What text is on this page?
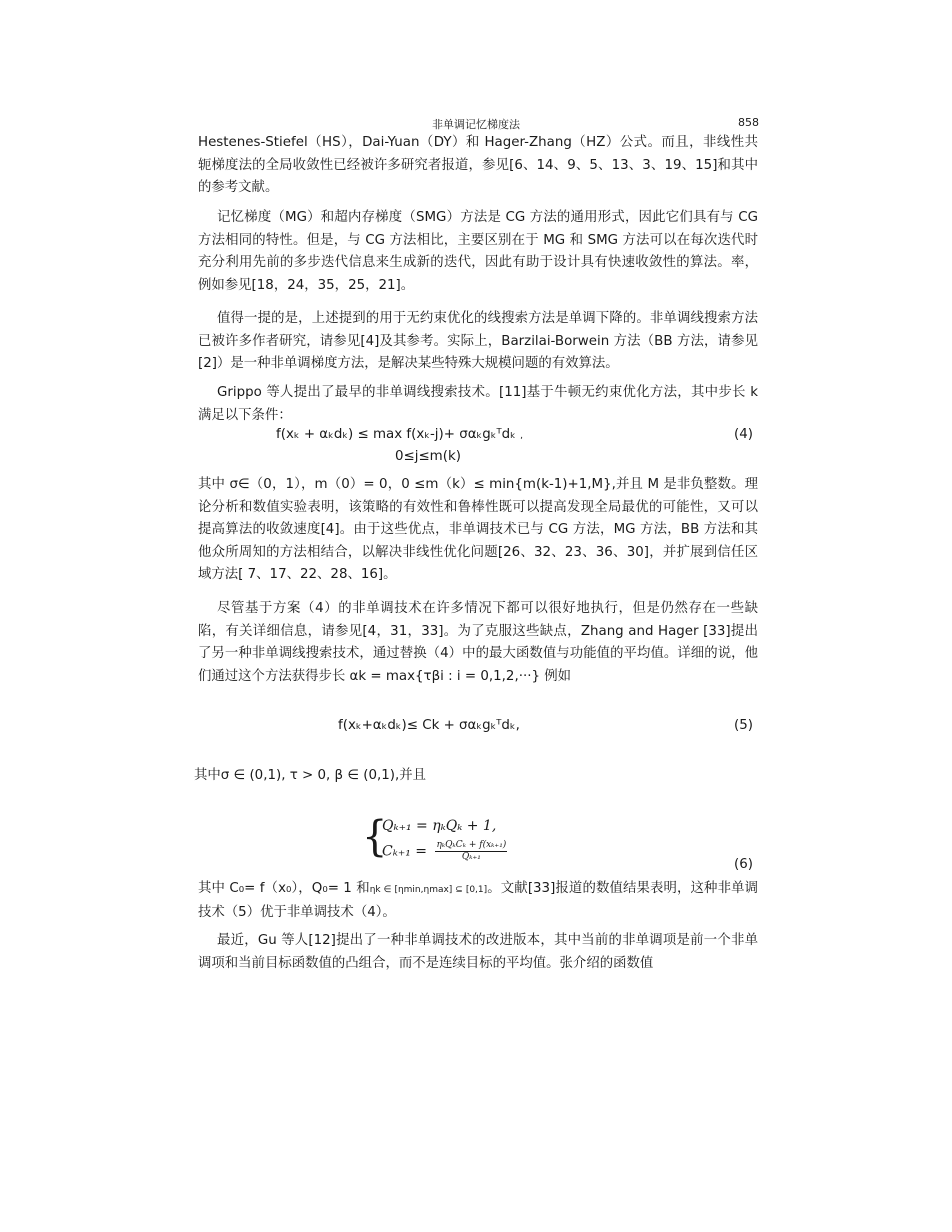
非单调记忆梯度法	858

Hestenes-Stiefel（HS），Dai-Yuan（DY）和 Hager-Zhang（HZ）公式。而且，非线性共轭梯度法的全局收敛性已经被许多研究者报道，参见[6、14、9、5、13、3、19、15]和其中的参考文献。

记忆梯度（MG）和超内存梯度（SMG）方法是 CG 方法的通用形式，因此它们具有与 CG 方法相同的特性。但是，与 CG 方法相比，主要区别在于 MG 和 SMG 方法可以在每次迭代时充分利用先前的多步迭代信息来生成新的迭代，因此有助于设计具有快速收敛性的算法。率，例如参见[18，24，35，25，21]。

值得一提的是，上述提到的用于无约束优化的线搜索方法是单调下降的。非单调线搜索方法已被许多作者研究，请参见[4]及其参考。实际上，Barzilai-Borwein 方法（BB 方法，请参见[2]）是一种非单调梯度方法，是解决某些特殊大规模问题的有效算法。

Grippo 等人提出了最早的非单调线搜索技术。[11]基于牛顿无约束优化方法，其中步长 k 满足以下条件：

f(xₖ + αₖdₖ) ≤ max f(xₖ-j)+ σαₖgₖᵀdₖ ,
0≤j≤m(k)
(4)

其中 σ∈（0，1），m（0）= 0，0 ≤m（k）≤ min{m(k-1)+1,M},并且 M 是非负整数。理论分析和数值实验表明，该策略的有效性和鲁棒性既可以提高发现全局最优的可能性，又可以提高算法的收敛速度[4]。由于这些优点，非单调技术已与 CG 方法，MG 方法，BB 方法和其他众所周知的方法相结合，以解决非线性优化问题[26、32、23、36、30]，并扩展到信任区域方法[ 7、17、22、28、16]。

尽管基于方案（4）的非单调技术在许多情况下都可以很好地执行，但是仍然存在一些缺陷，有关详细信息，请参见[4，31，33]。为了克服这些缺点，Zhang and Hager [33]提出了另一种非单调线搜索技术，通过替换（4）中的最大函数值与功能值的平均值。详细的说，他们通过这个方法获得步长 αk = max{τβi : i = 0,1,2,···} 例如

f(xₖ+αₖdₖ)≤ Ck + σαₖgₖᵀdₖ,	(5)

其中σ ∈ (0,1), τ > 0, β ∈ (0,1),并且

{
Qₖ₊₁ = ηₖQₖ + 1,
Cₖ₊₁ = ηₖQₖCₖ + f(xₖ₊₁)
Qₖ₊₁	(6)

其中 C₀= f（x₀），Q₀= 1 和ηk ∈ [ηmin,ηmax] ⊆ [0,1]。文献[33]报道的数值结果表明，这种非单调技术（5）优于非单调技术（4）。

最近，Gu 等人[12]提出了一种非单调技术的改进版本，其中当前的非单调项是前一个非单调项和当前目标函数值的凸组合，而不是连续目标的平均值。张介绍的函数值
